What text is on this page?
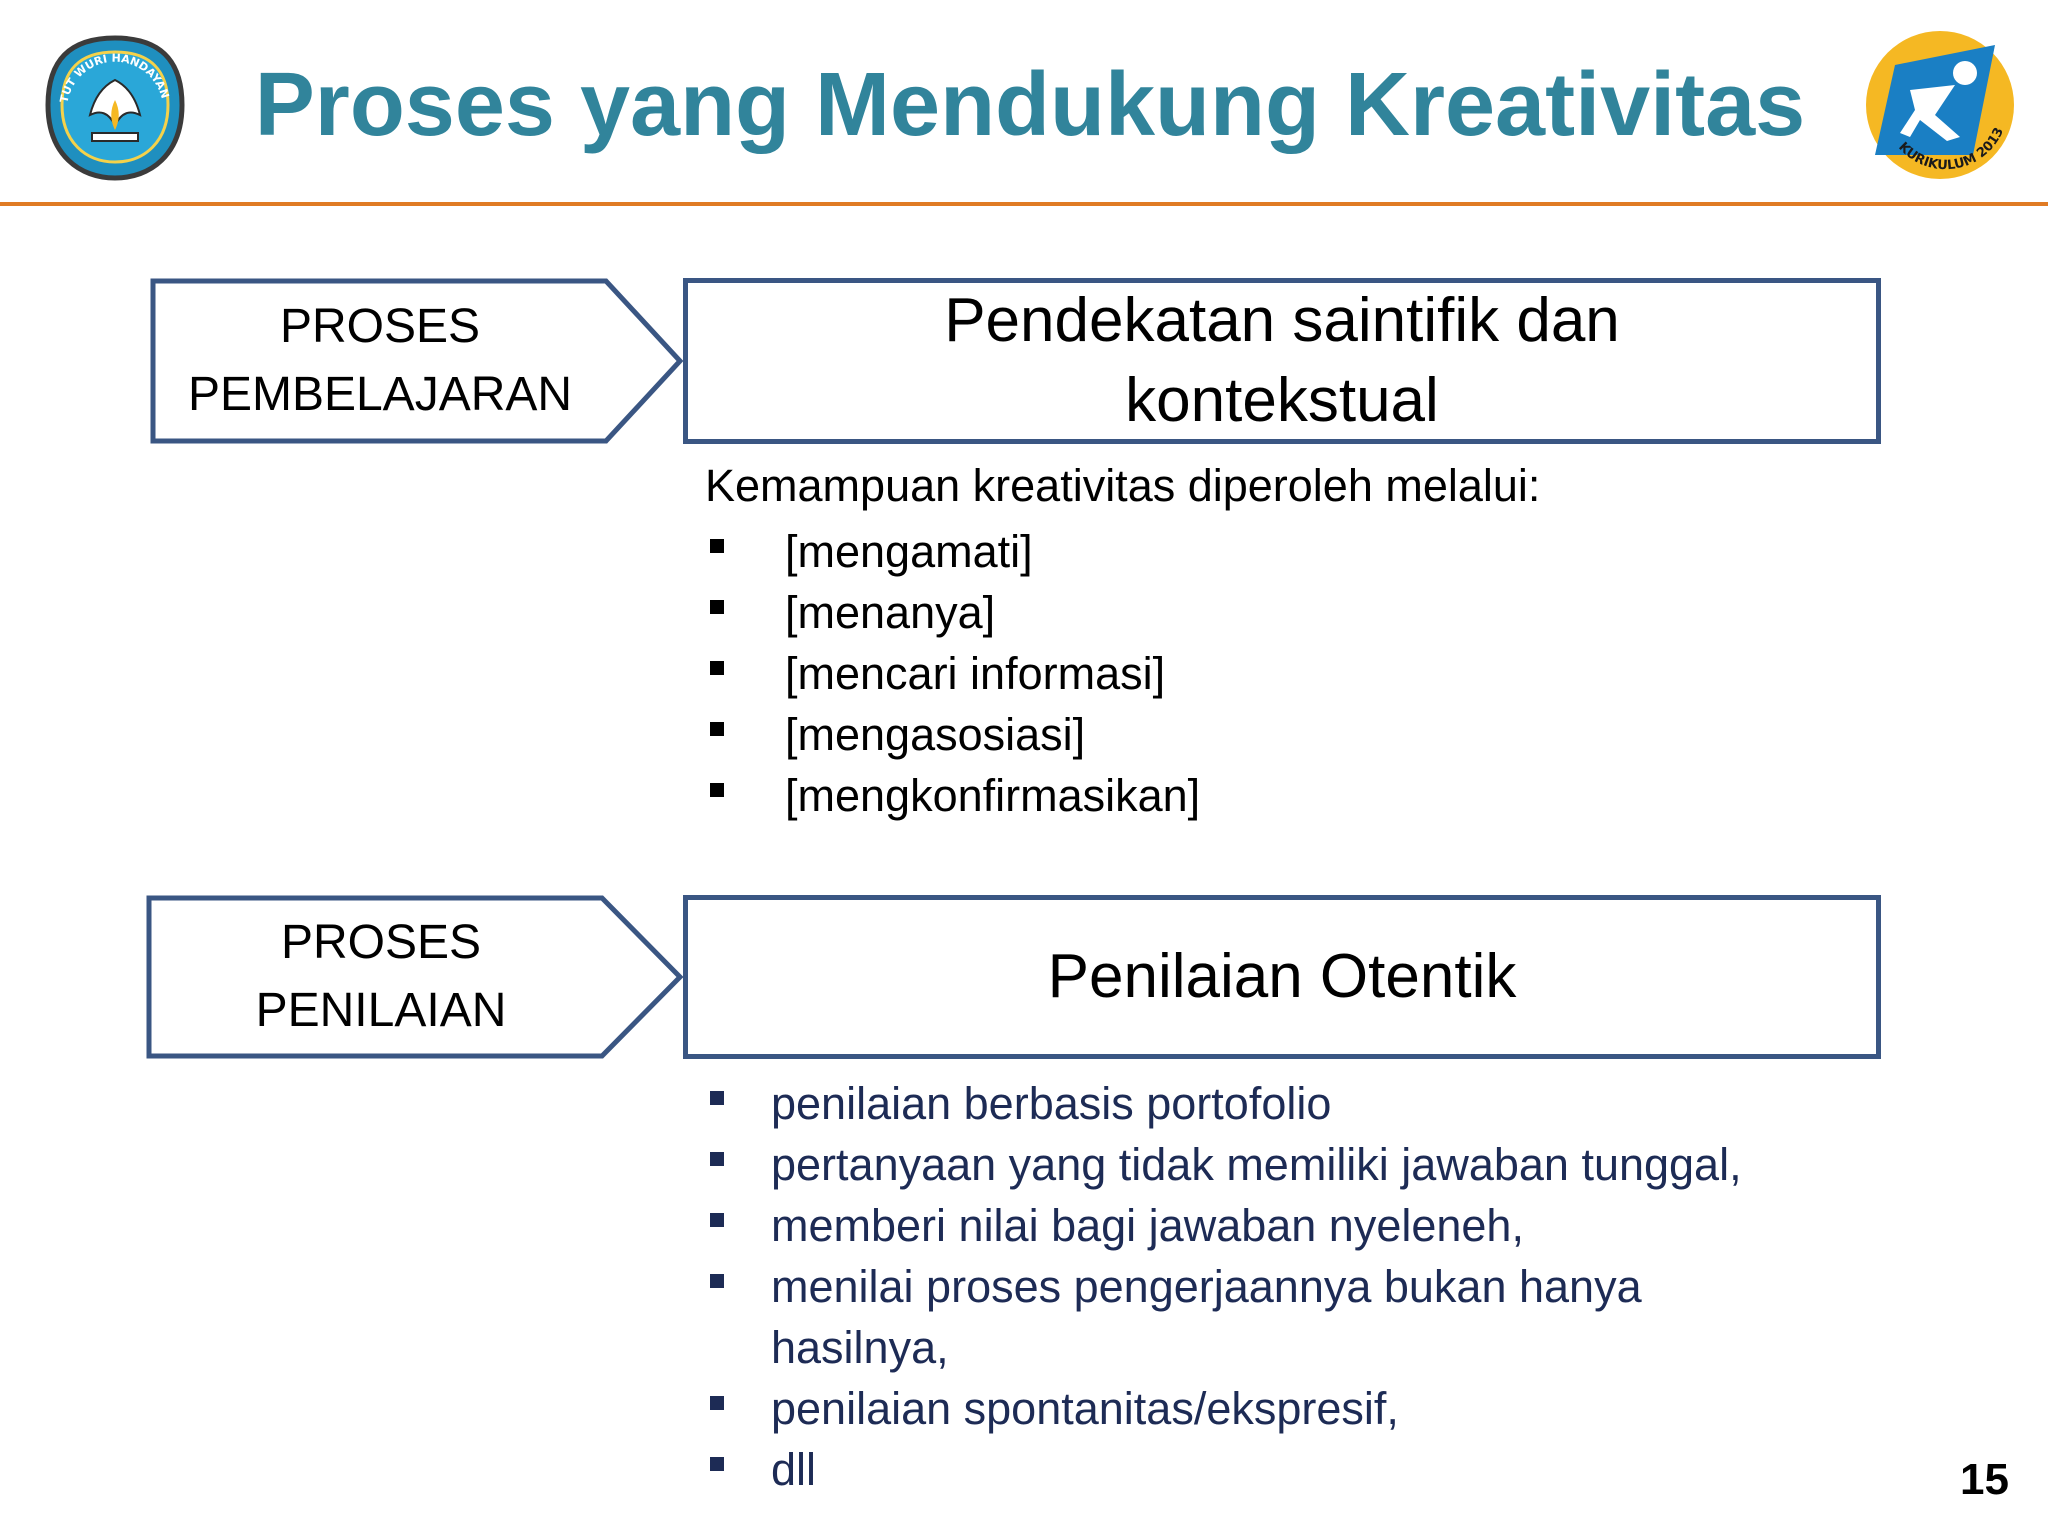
TUT WURI HANDAYAN Proses yang Mendukung Kreativitas	KURIKULUM 2013
PROSES
PEMBELAJARAN
Pendekatan saintifik dan
kontekstual
Kemampuan kreativitas diperoleh melalui:
[mengamati]
[menanya]
[mencari informasi]
[mengasosiasi]
[mengkonfirmasikan]
PROSES PENILAIAN	Penilaian Otentik
penilaian berbasis portofolio
pertanyaan yang tidak memiliki jawaban tunggal,
memberi nilai bagi jawaban nyeleneh,
menilai proses pengerjaannya bukan hanya hasilnya,
penilaian spontanitas/ekspresif,
dll	15
